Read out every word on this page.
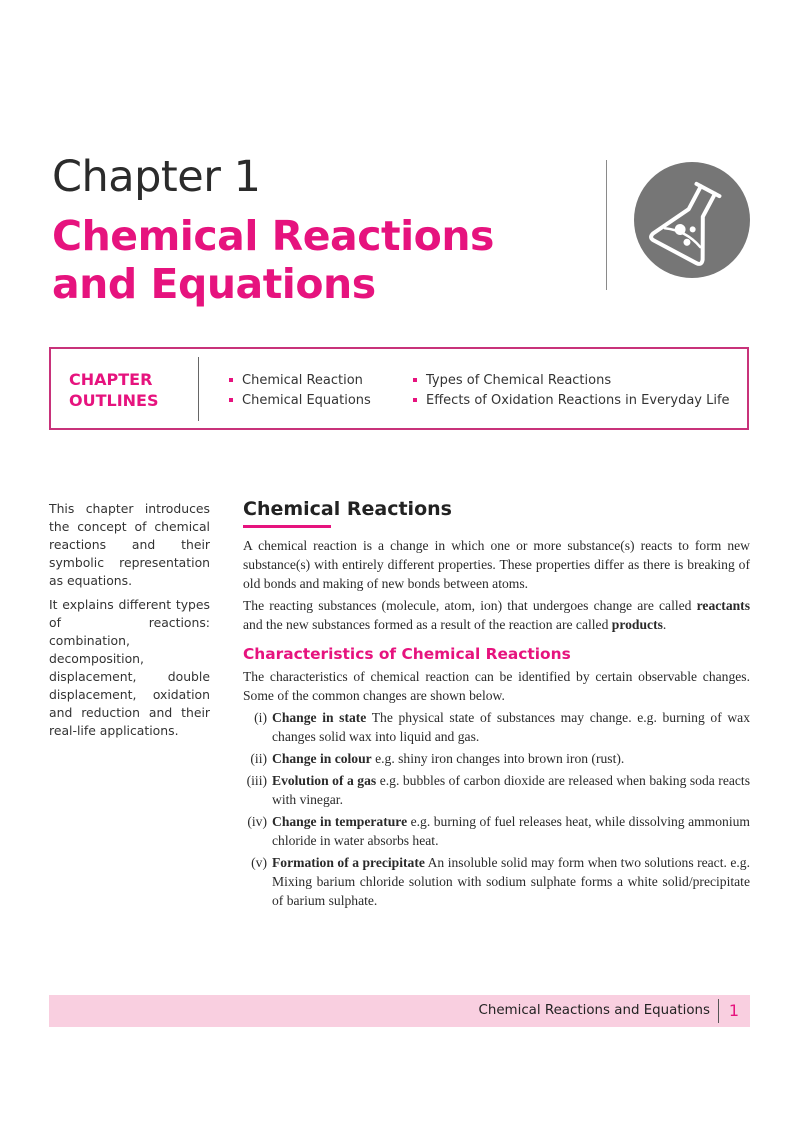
Chapter 1
Chemical Reactions
and Equations

CHAPTER
OUTLINES

Chemical Reaction
Chemical Equations
Types of Chemical Reactions
Effects of Oxidation Reactions in Everyday Life

This chapter introduces the concept of chemical reactions and their symbolic representation as equations.

It explains different types of reactions: combination, decomposition, displacement, double displacement, oxidation and reduction and their real-life applications.

Chemical Reactions

A chemical reaction is a change in which one or more substance(s) reacts to form new substance(s) with entirely different properties. These properties differ as there is breaking of old bonds and making of new bonds between atoms.

The reacting substances (molecule, atom, ion) that undergoes change are called reactants and the new substances formed as a result of the reaction are called products.

Characteristics of Chemical Reactions

The characteristics of chemical reaction can be identified by certain observable changes. Some of the common changes are shown below.

(i) Change in state The physical state of substances may change. e.g. burning of wax changes solid wax into liquid and gas.
(ii) Change in colour e.g. shiny iron changes into brown iron (rust).
(iii) Evolution of a gas e.g. bubbles of carbon dioxide are released when baking soda reacts with vinegar.
(iv) Change in temperature e.g. burning of fuel releases heat, while dissolving ammonium chloride in water absorbs heat.
(v) Formation of a precipitate An insoluble solid may form when two solutions react. e.g. Mixing barium chloride solution with sodium sulphate forms a white solid/precipitate of barium sulphate.
Chemical Reactions and Equations 1
